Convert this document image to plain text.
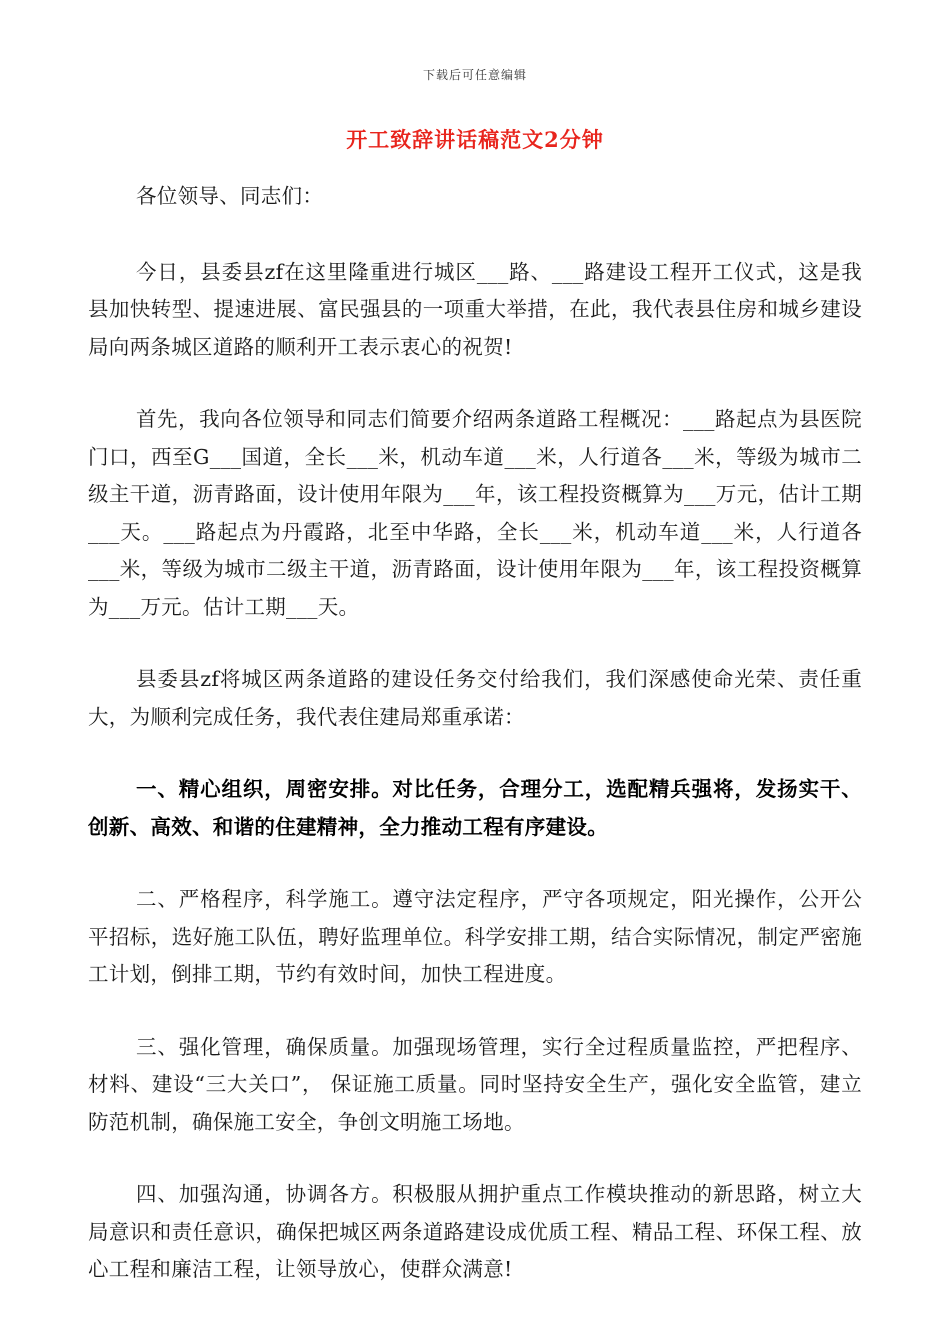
下载后可任意编辑
开工致辞讲话稿范文2分钟

各位领导、同志们：

今日，县委县zf在这里隆重进行城区___路、___路建设工程开工仪式，这是我县加快转型、提速进展、富民强县的一项重大举措，在此，我代表县住房和城乡建设局向两条城区道路的顺利开工表示衷心的祝贺!

首先，我向各位领导和同志们简要介绍两条道路工程概况：___路起点为县医院门口，西至G___国道，全长___米，机动车道___米，人行道各___米，等级为城市二级主干道，沥青路面，设计使用年限为___年，该工程投资概算为___万元，估计工期___天。___路起点为丹霞路，北至中华路，全长___米，机动车道___米，人行道各___米，等级为城市二级主干道，沥青路面，设计使用年限为___年，该工程投资概算为___万元。估计工期___天。

县委县zf将城区两条道路的建设任务交付给我们，我们深感使命光荣、责任重大，为顺利完成任务，我代表住建局郑重承诺：

一、精心组织，周密安排。对比任务，合理分工，选配精兵强将，发扬实干、创新、高效、和谐的住建精神，全力推动工程有序建设。

二、严格程序，科学施工。遵守法定程序，严守各项规定，阳光操作，公开公平招标，选好施工队伍，聘好监理单位。科学安排工期，结合实际情况，制定严密施工计划，倒排工期，节约有效时间，加快工程进度。

三、强化管理，确保质量。加强现场管理，实行全过程质量监控，严把程序、材料、建设“三大关口”， 保证施工质量。同时坚持安全生产，强化安全监管，建立防范机制，确保施工安全，争创文明施工场地。

四、加强沟通，协调各方。积极服从拥护重点工作模块推动的新思路，树立大局意识和责任意识，确保把城区两条道路建设成优质工程、精品工程、环保工程、放心工程和廉洁工程，让领导放心，使群众满意!
